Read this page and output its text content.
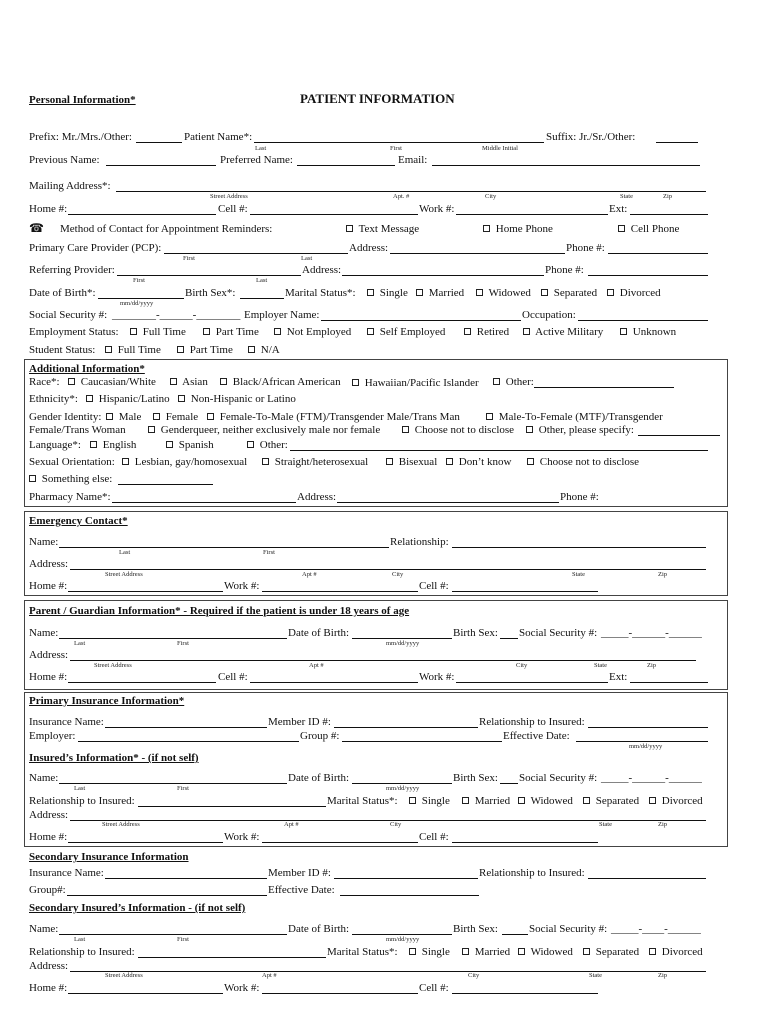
Personal Information*	PATIENT INFORMATION
Prefix: Mr./Mrs./Other:	Patient Name*:	Suffix: Jr./Sr./Other:
Last	First	Middle Initial
Previous Name:	Preferred Name:	Email:
Mailing Address*:
Street Address	Apt. #	City	State	Zip
Home #:	Cell #:	Work #:	Ext:
☎ Method of Contact for Appointment Reminders:	Text Message	Home Phone	Cell Phone
Primary Care Provider (PCP):	Address:	Phone #:
First	Last
Referring Provider:	Address:	Phone #:
First	Last
Date of Birth*:	Birth Sex*:	Marital Status*:	Single	Married	Widowed	Separated	Divorced
mm/dd/yyyy
Social Security #: ________-______-________ Employer Name:	Occupation:
Employment Status:	Full Time	Part Time	Not Employed	Self Employed	Retired	Active Military	Unknown
Student Status:	Full Time	Part Time	N/A
Additional Information*
Race*:	Caucasian/White	Asian	Black/African American	Hawaiian/Pacific Islander	Other:
Ethnicity*:	Hispanic/Latino	Non-Hispanic or Latino
Gender Identity:	Male	Female	Female-To-Male (FTM)/Transgender Male/Trans Man	Male-To-Female (MTF)/Transgender
Female/Trans Woman	Genderqueer, neither exclusively male nor female	Choose not to disclose	Other, please specify:
Language*:	English	Spanish	Other:
Sexual Orientation:	Lesbian, gay/homosexual	Straight/heterosexual	Bisexual	Don’t know	Choose not to disclose
Something else:
Pharmacy Name*:	Address:	Phone #:
Emergency Contact*
Name:	Relationship:
Last	First
Address:
Street Address	Apt #	City	State	Zip
Home #:	Work #:	Cell #:
Parent / Guardian Information* - Required if the patient is under 18 years of age
Name:	Date of Birth:	Birth Sex: Social Security #: _____-______-______
Last	First	mm/dd/yyyy
Address:
Street Address	Apt #	City	State	Zip
Home #:	Cell #:	Work #:	Ext:
Primary Insurance Information*
Insurance Name:	Member ID #:	Relationship to Insured:
Employer:	Group #:	Effective Date:
mm/dd/yyyy
Insured’s Information* - (if not self)
Name:	Date of Birth:	Birth Sex: Social Security #: _____-______-______
Last	First	mm/dd/yyyy
Relationship to Insured:	Marital Status*:	Single	Married	Widowed	Separated	Divorced
Address:
Street Address	Apt #	City	State	Zip
Home #:	Work #:	Cell #:
Secondary Insurance Information
Insurance Name:	Member ID #:	Relationship to Insured:
Group#:	Effective Date:
Secondary Insured’s Information - (if not self)
Name:	Date of Birth:	Birth Sex:	Social Security #: _____-____-______
Last	First	mm/dd/yyyy
Relationship to Insured:	Marital Status*:	Single	Married	Widowed	Separated	Divorced
Address:
Street Address	Apt #	City	State	Zip
Home #:	Work #:	Cell #:
